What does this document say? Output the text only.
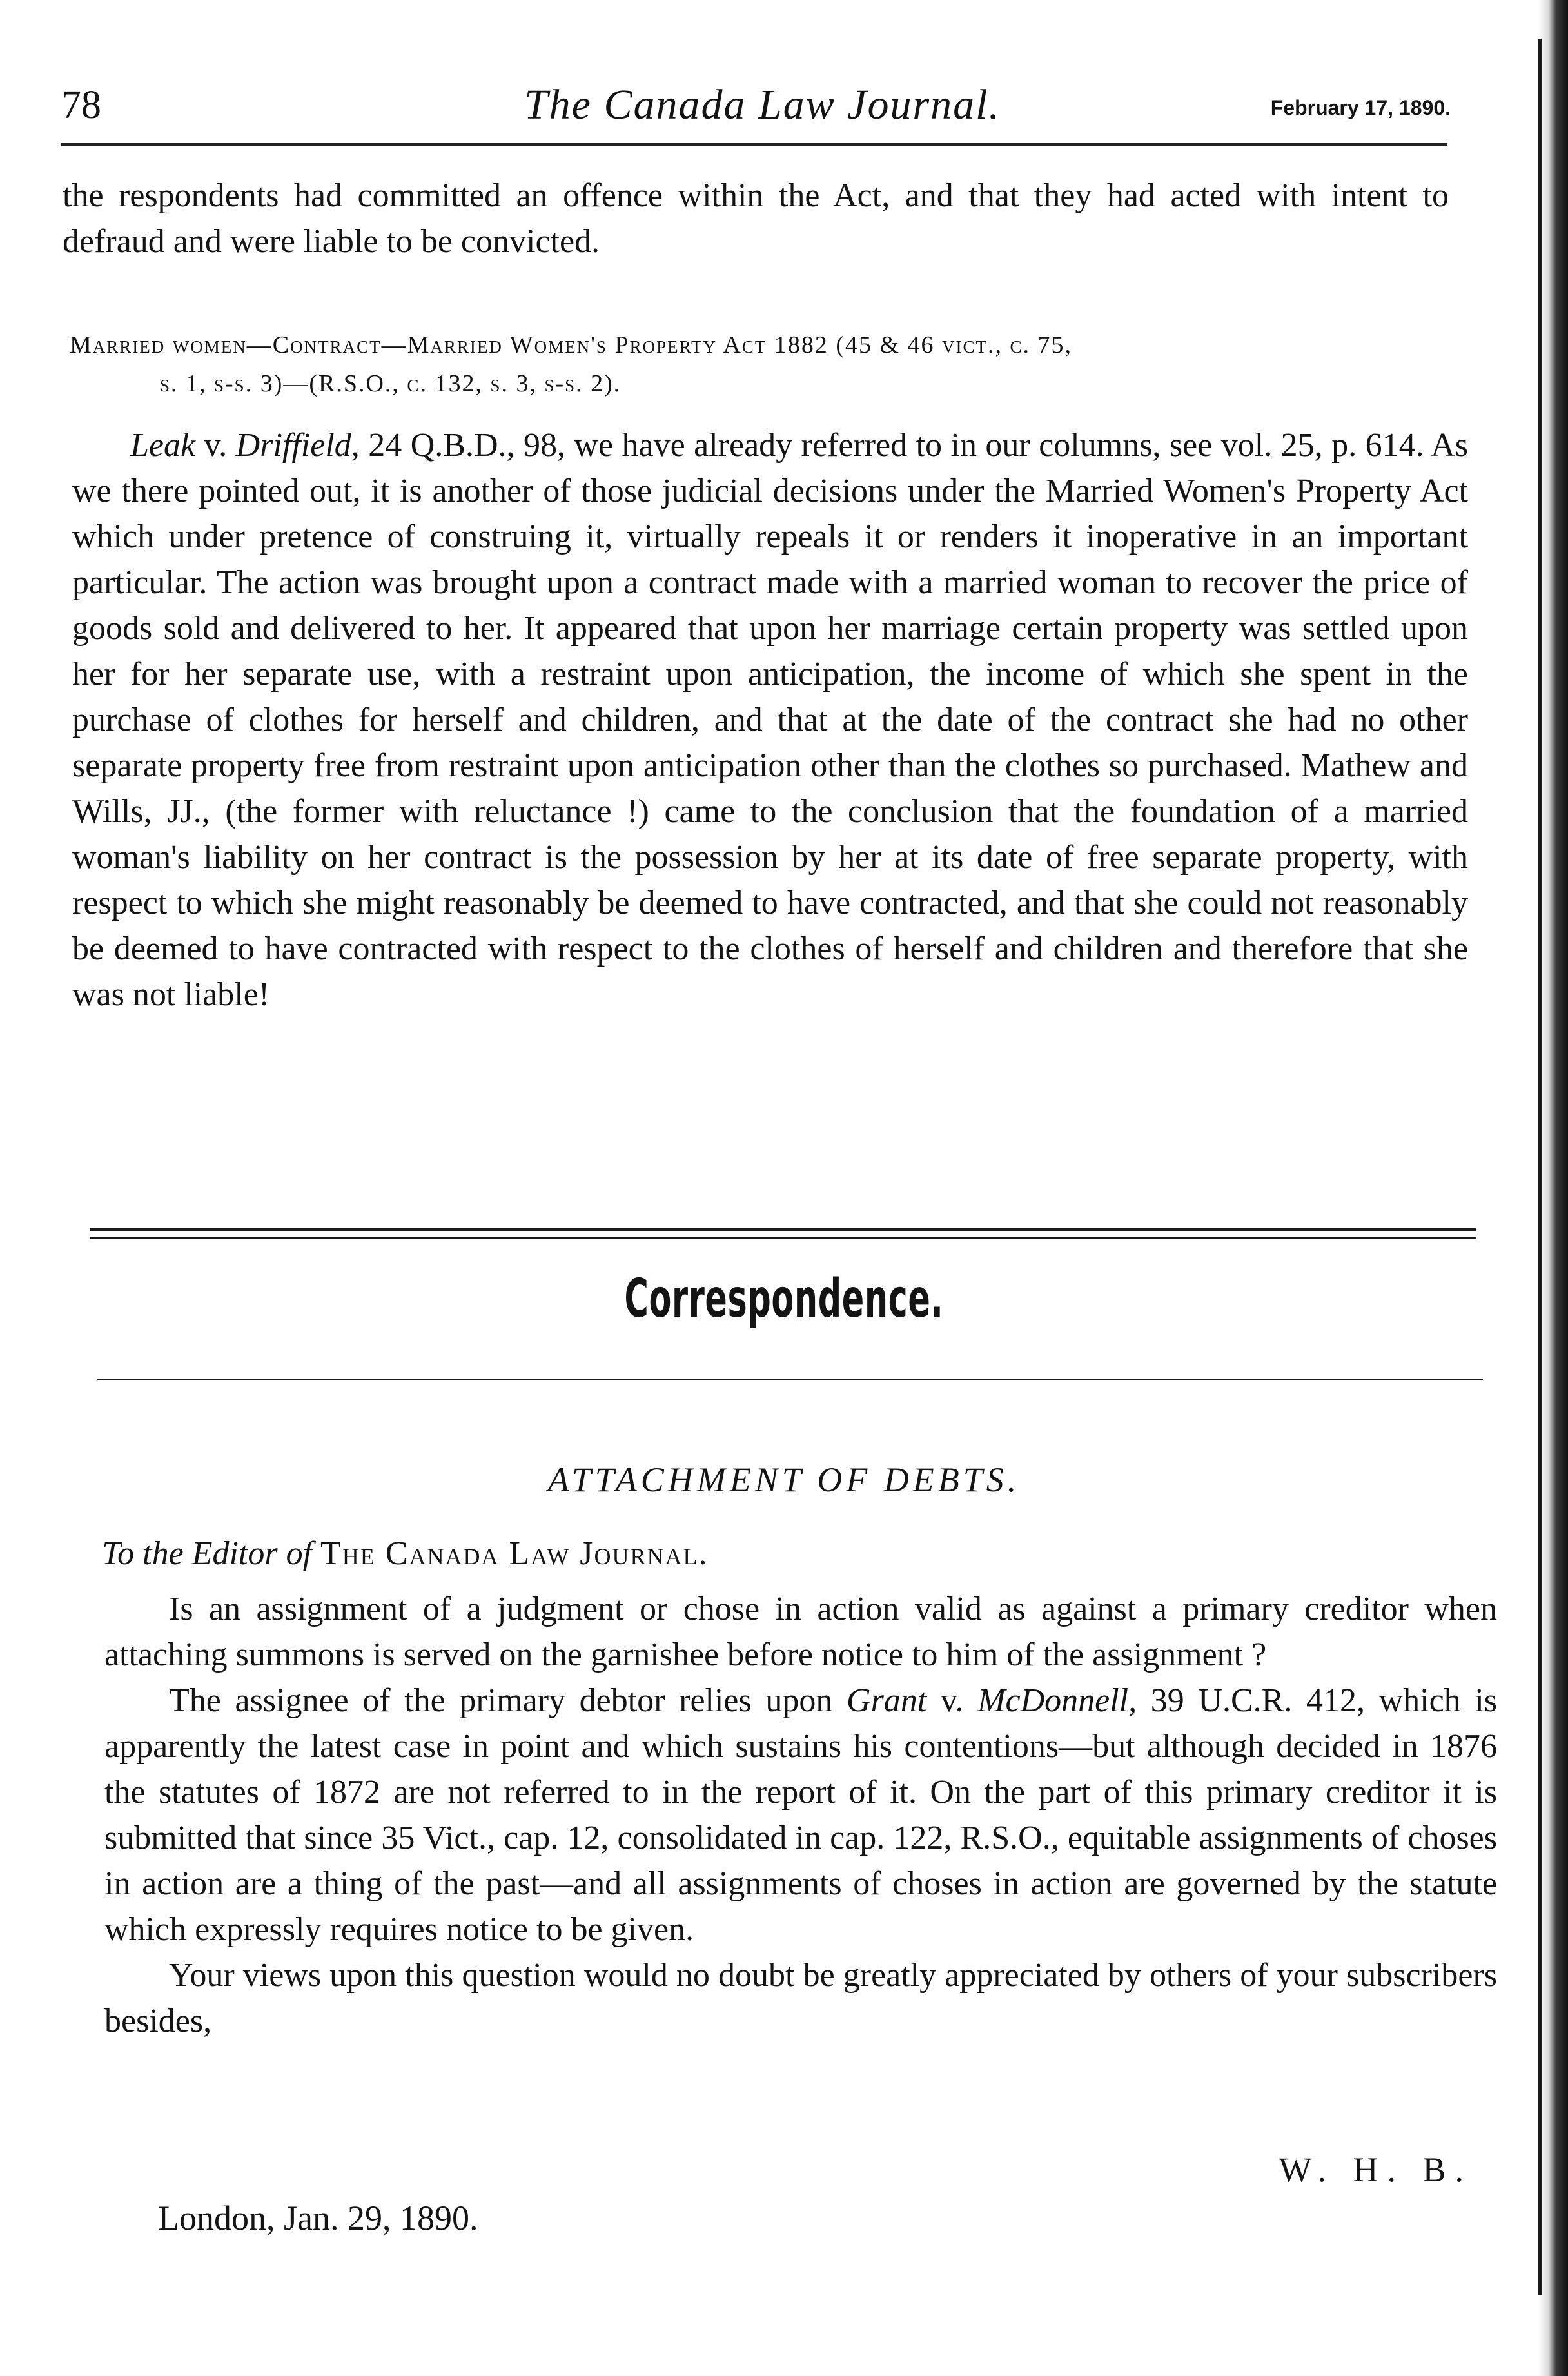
78	The Canada Law Journal.	February 17, 1890.
the respondents had committed an offence within the Act, and that they had acted with intent to defraud and were liable to be convicted.
Married women—Contract—Married Women's Property Act 1882 (45 & 46 vict., c. 75,
s. 1, s-s. 3)—(R.S.O., c. 132, s. 3, s-s. 2).
Leak v. Driffield, 24 Q.B.D., 98, we have already referred to in our columns, see vol. 25, p. 614. As we there pointed out, it is another of those judicial decisions under the Married Women's Property Act which under pretence of construing it, virtually repeals it or renders it inoperative in an important particular. The action was brought upon a contract made with a married woman to recover the price of goods sold and delivered to her. It appeared that upon her marriage certain property was settled upon her for her separate use, with a restraint upon anticipation, the income of which she spent in the purchase of clothes for herself and children, and that at the date of the contract she had no other separate property free from restraint upon anticipation other than the clothes so purchased. Mathew and Wills, JJ., (the former with reluctance !) came to the conclusion that the foundation of a married woman's liability on her contract is the possession by her at its date of free separate property, with respect to which she might reasonably be deemed to have contracted, and that she could not reasonably be deemed to have contracted with respect to the clothes of herself and children and therefore that she was not liable!
Correspondence.
ATTACHMENT OF DEBTS.
To the Editor of The Canada Law Journal.
Is an assignment of a judgment or chose in action valid as against a primary creditor when attaching summons is served on the garnishee before notice to him of the assignment ?
The assignee of the primary debtor relies upon Grant v. McDonnell, 39 U.C.R. 412, which is apparently the latest case in point and which sustains his contentions—but although decided in 1876 the statutes of 1872 are not referred to in the report of it. On the part of this primary creditor it is submitted that since 35 Vict., cap. 12, consolidated in cap. 122, R.S.O., equitable assignments of choses in action are a thing of the past—and all assignments of choses in action are governed by the statute which expressly requires notice to be given.
Your views upon this question would no doubt be greatly appreciated by others of your subscribers besides,
W. H. B.
London, Jan. 29, 1890.
